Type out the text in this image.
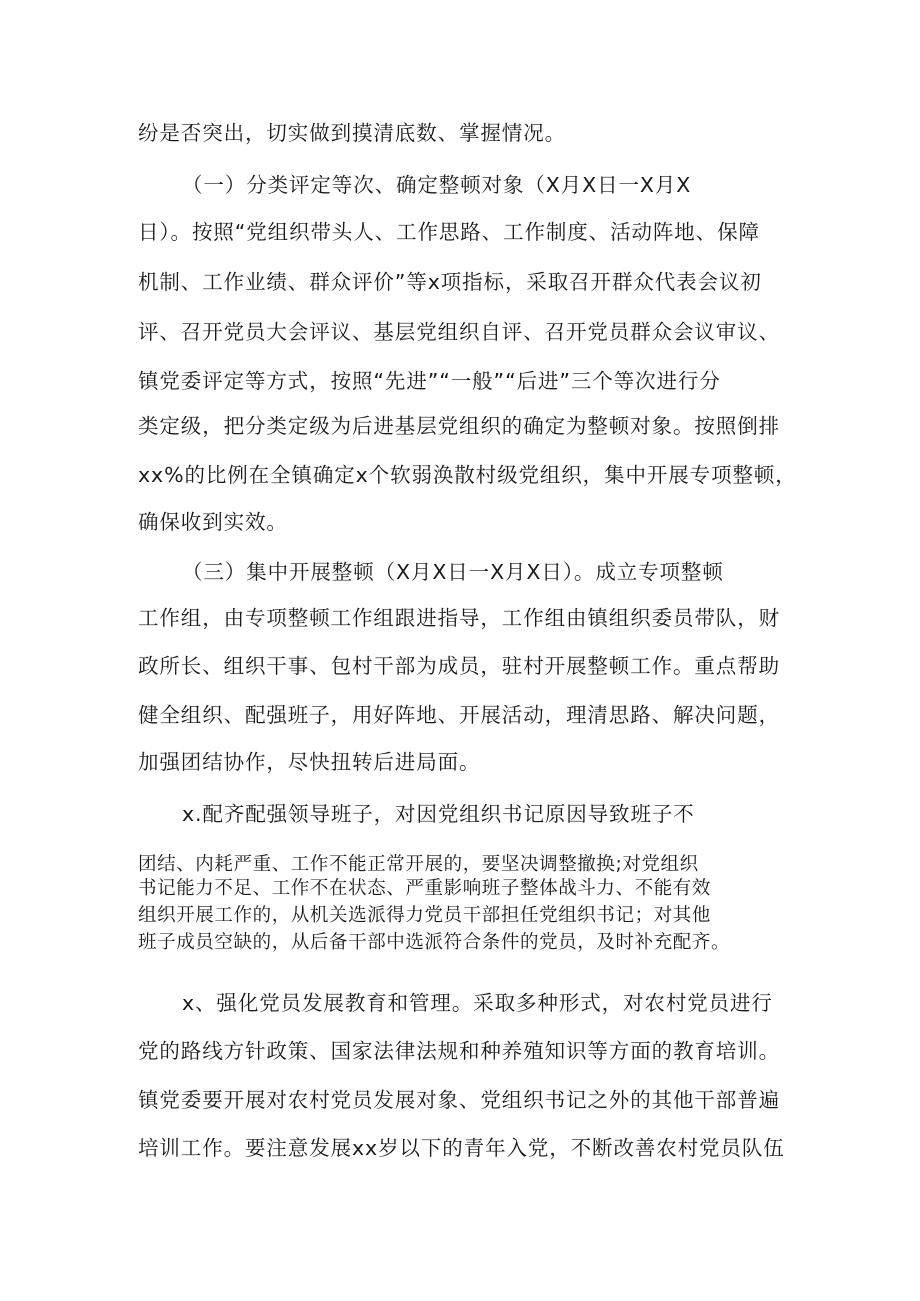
纷是否突出，切实做到摸清底数、掌握情况。
（一）分类评定等次、确定整顿对象（X月X日一X月X
日）。按照“党组织带头人、工作思路、工作制度、活动阵地、保障
机制、工作业绩、群众评价”等x项指标，采取召开群众代表会议初
评、召开党员大会评议、基层党组织自评、召开党员群众会议审议、
镇党委评定等方式，按照“先进”“一般”“后进”三个等次进行分
类定级，把分类定级为后进基层党组织的确定为整顿对象。按照倒排
xx%的比例在全镇确定x个软弱涣散村级党组织，集中开展专项整顿，
确保收到实效。
（三）集中开展整顿（X月X日一X月X日）。成立专项整顿
工作组，由专项整顿工作组跟进指导，工作组由镇组织委员带队，财
政所长、组织干事、包村干部为成员，驻村开展整顿工作。重点帮助
健全组织、配强班子，用好阵地、开展活动，理清思路、解决问题，
加强团结协作，尽快扭转后进局面。
x.配齐配强领导班子，对因党组织书记原因导致班子不
团结、内耗严重、工作不能正常开展的，要坚决调整撤换;对党组织
书记能力不足、工作不在状态、严重影响班子整体战斗力、不能有效
组织开展工作的，从机关选派得力党员干部担任党组织书记；对其他
班子成员空缺的，从后备干部中选派符合条件的党员，及时补充配齐。
x、强化党员发展教育和管理。采取多种形式，对农村党员进行
党的路线方针政策、国家法律法规和种养殖知识等方面的教育培训。
镇党委要开展对农村党员发展对象、党组织书记之外的其他干部普遍
培训工作。要注意发展xx岁以下的青年入党，不断改善农村党员队伍
